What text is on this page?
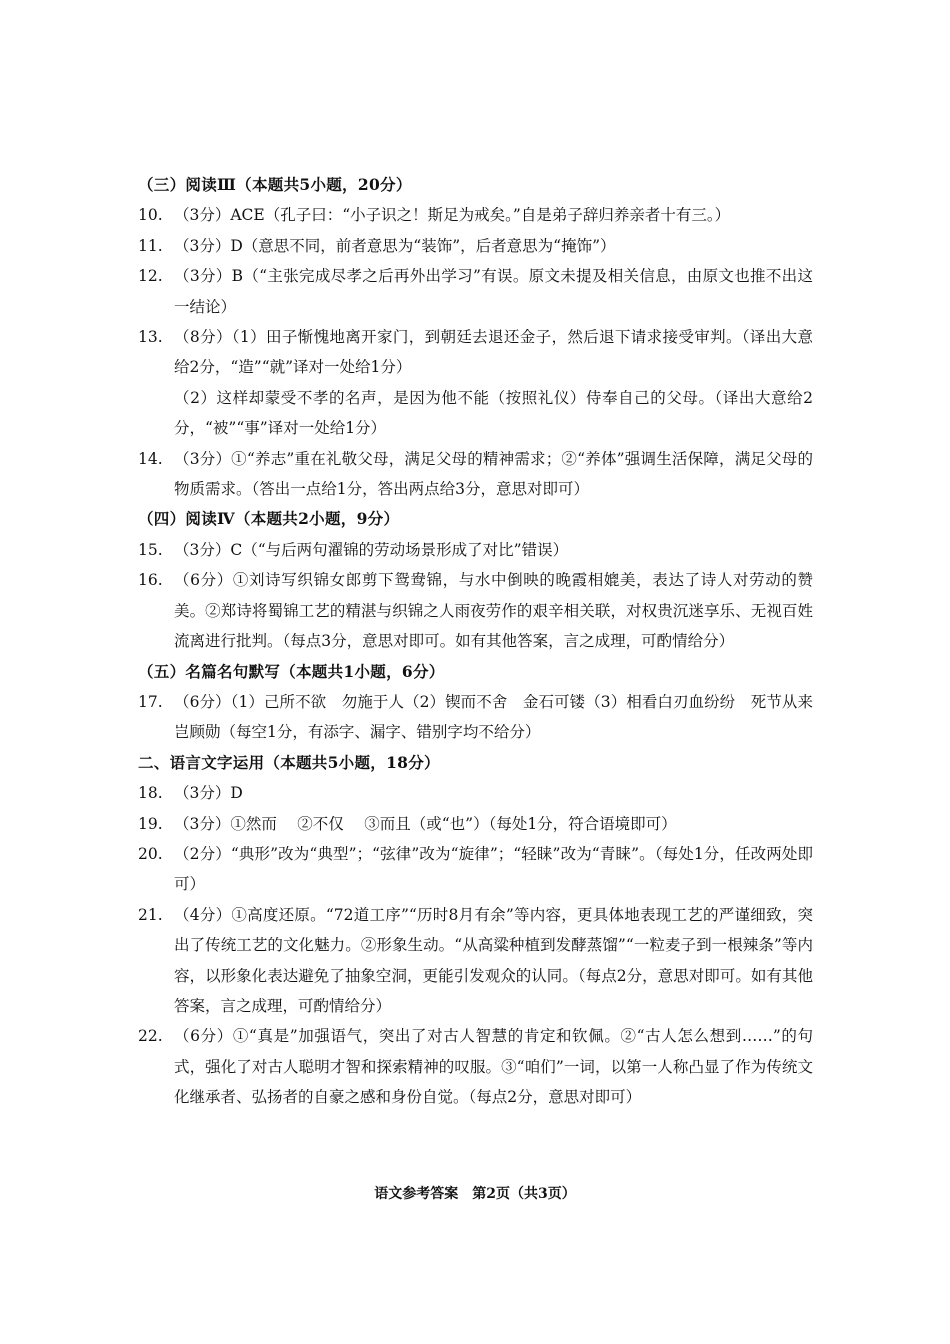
（三）阅读Ⅲ（本题共5小题，20分）
10. （3分）ACE（孔子曰：“小子识之！斯足为戒矣。”自是弟子辞归养亲者十有三。）

11. （3分）D（意思不同，前者意思为“装饰”，后者意思为“掩饰”）

12. （3分）B（“主张完成尽孝之后再外出学习”有误。原文未提及相关信息，由原文也推不出这一结论）

13. （8分）（1）田子惭愧地离开家门，到朝廷去退还金子，然后退下请求接受审判。（译出大意给2分，“造”“就”译对一处给1分）

（2）这样却蒙受不孝的名声，是因为他不能（按照礼仪）侍奉自己的父母。（译出大意给2分，“被”“事”译对一处给1分）

14. （3分）①“养志”重在礼敬父母，满足父母的精神需求；②“养体”强调生活保障，满足父母的物质需求。（答出一点给1分，答出两点给3分，意思对即可）

（四）阅读Ⅳ（本题共2小题，9分）
15. （3分）C（“与后两句濯锦的劳动场景形成了对比”错误）

16. （6分）①刘诗写织锦女郎剪下鸳鸯锦，与水中倒映的晚霞相媲美，表达了诗人对劳动的赞美。②郑诗将蜀锦工艺的精湛与织锦之人雨夜劳作的艰辛相关联，对权贵沉迷享乐、无视百姓流离进行批判。（每点3分，意思对即可。如有其他答案，言之成理，可酌情给分）

（五）名篇名句默写（本题共1小题，6分）
17. （6分）（1）己所不欲　勿施于人（2）锲而不舍　金石可镂（3）相看白刃血纷纷　死节从来岂顾勋（每空1分，有添字、漏字、错别字均不给分）

二、语言文字运用（本题共5小题，18分）
18. （3分）D

19. （3分）①然而　 ②不仅　 ③而且（或“也”）（每处1分，符合语境即可）

20. （2分）“典形”改为“典型”；“弦律”改为“旋律”；“轻睐”改为“青睐”。（每处1分，任改两处即可）

21. （4分）①高度还原。“72道工序”“历时8月有余”等内容，更具体地表现工艺的严谨细致，突出了传统工艺的文化魅力。②形象生动。“从高粱种植到发酵蒸馏”“一粒麦子到一根辣条”等内容，以形象化表达避免了抽象空洞，更能引发观众的认同。（每点2分，意思对即可。如有其他答案，言之成理，可酌情给分）

22. （6分）①“真是”加强语气，突出了对古人智慧的肯定和钦佩。②“古人怎么想到……”的句式，强化了对古人聪明才智和探索精神的叹服。③“咱们”一词，以第一人称凸显了作为传统文化继承者、弘扬者的自豪之感和身份自觉。（每点2分，意思对即可）

语文参考答案　第2页（共3页）
